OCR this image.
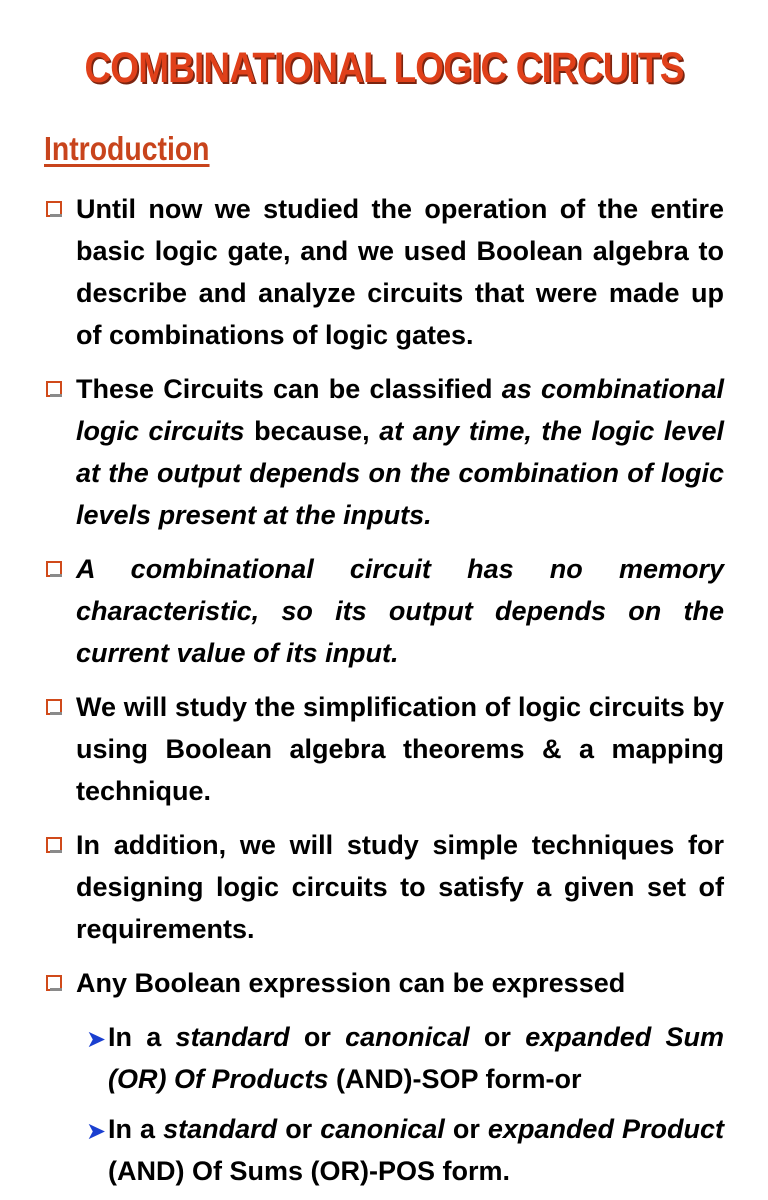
COMBINATIONAL LOGIC CIRCUITS
Introduction
Until now we studied the operation of the entire basic logic gate, and we used Boolean algebra to describe and analyze circuits that were made up of combinations of logic gates.
These Circuits can be classified as combinational logic circuits because, at any time, the logic level at the output depends on the combination of logic levels present at the inputs.
A combinational circuit has no memory characteristic, so its output depends on the current value of its input.
We will study the simplification of logic circuits by using Boolean algebra theorems & a mapping technique.
In addition, we will study simple techniques for designing logic circuits to satisfy a given set of requirements.
Any Boolean expression can be expressed
➤ In a standard or canonical or expanded Sum (OR) Of Products (AND)-SOP form-or
➤ In a standard or canonical or expanded Product (AND) Of Sums (OR)-POS form.
